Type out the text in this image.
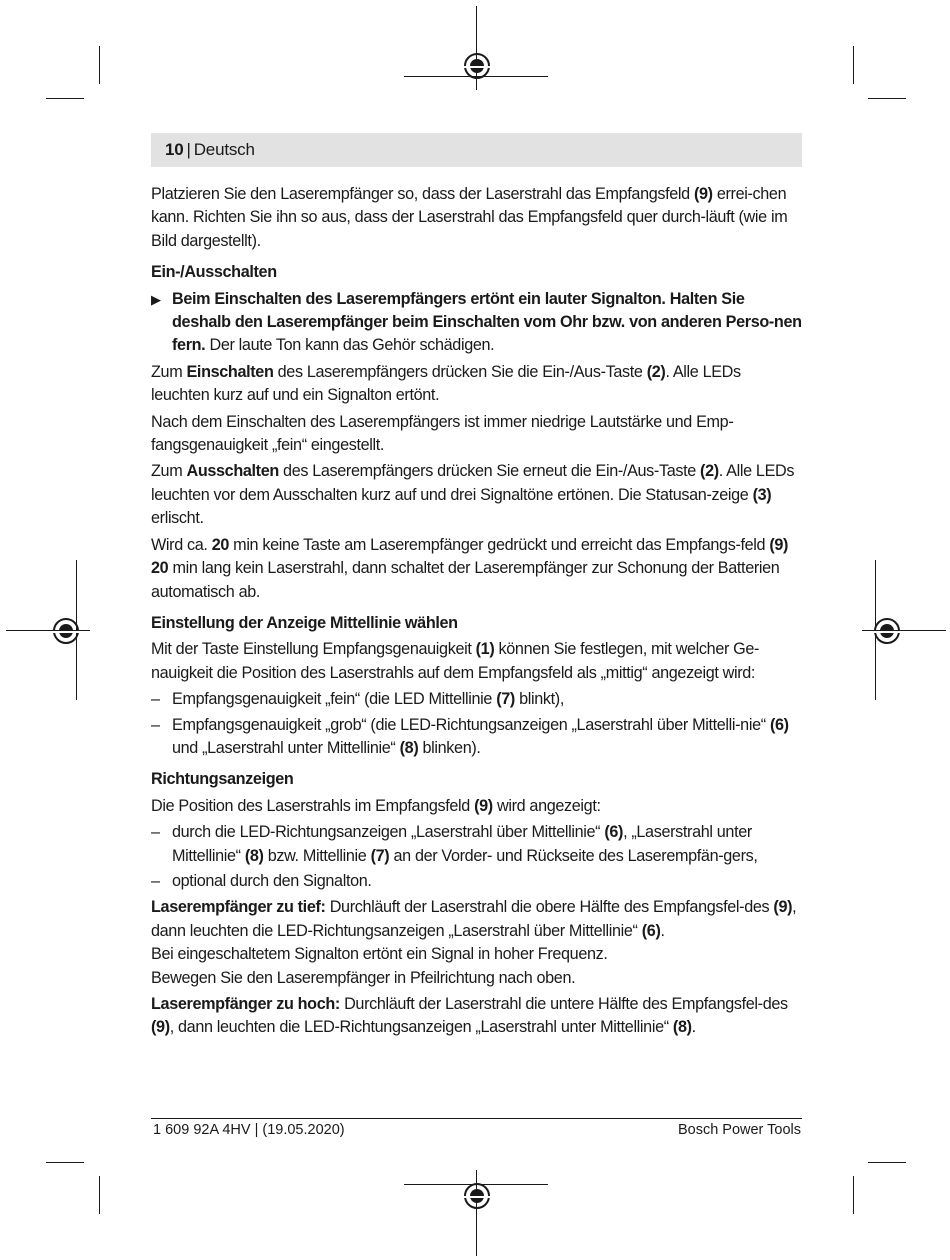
10 | Deutsch

Platzieren Sie den Laserempfänger so, dass der Laserstrahl das Empfangsfeld (9) errei-chen kann. Richten Sie ihn so aus, dass der Laserstrahl das Empfangsfeld quer durch-läuft (wie im Bild dargestellt).

Ein-/Ausschalten
▶ Beim Einschalten des Laserempfängers ertönt ein lauter Signalton. Halten Sie deshalb den Laserempfänger beim Einschalten vom Ohr bzw. von anderen Perso-nen fern. Der laute Ton kann das Gehör schädigen.

Zum Einschalten des Laserempfängers drücken Sie die Ein-/Aus-Taste (2). Alle LEDs leuchten kurz auf und ein Signalton ertönt.

Nach dem Einschalten des Laserempfängers ist immer niedrige Lautstärke und Emp-fangsgenauigkeit „fein“ eingestellt.

Zum Ausschalten des Laserempfängers drücken Sie erneut die Ein-/Aus-Taste (2). Alle LEDs leuchten vor dem Ausschalten kurz auf und drei Signaltöne ertönen. Die Statusan-zeige (3) erlischt.

Wird ca. 20 min keine Taste am Laserempfänger gedrückt und erreicht das Empfangs-feld (9) 20 min lang kein Laserstrahl, dann schaltet der Laserempfänger zur Schonung der Batterien automatisch ab.

Einstellung der Anzeige Mittellinie wählen

Mit der Taste Einstellung Empfangsgenauigkeit (1) können Sie festlegen, mit welcher Ge-nauigkeit die Position des Laserstrahls auf dem Empfangsfeld als „mittig“ angezeigt wird:

– Empfangsgenauigkeit „fein“ (die LED Mittellinie (7) blinkt),
– Empfangsgenauigkeit „grob“ (die LED-Richtungsanzeigen „Laserstrahl über Mittelli-nie“ (6) und „Laserstrahl unter Mittellinie“ (8) blinken).
Richtungsanzeigen

Die Position des Laserstrahls im Empfangsfeld (9) wird angezeigt:

– durch die LED-Richtungsanzeigen „Laserstrahl über Mittellinie“ (6), „Laserstrahl unter Mittellinie“ (8) bzw. Mittellinie (7) an der Vorder- und Rückseite des Laserempfän-gers,
– optional durch den Signalton.

Laserempfänger zu tief: Durchläuft der Laserstrahl die obere Hälfte des Empfangsfel-des (9), dann leuchten die LED-Richtungsanzeigen „Laserstrahl über Mittellinie“ (6).
Bei eingeschaltetem Signalton ertönt ein Signal in hoher Frequenz.
Bewegen Sie den Laserempfänger in Pfeilrichtung nach oben.

Laserempfänger zu hoch: Durchläuft der Laserstrahl die untere Hälfte des Empfangsfel-des (9), dann leuchten die LED-Richtungsanzeigen „Laserstrahl unter Mittellinie“ (8).

1 609 92A 4HV | (19.05.2020)	Bosch Power Tools
